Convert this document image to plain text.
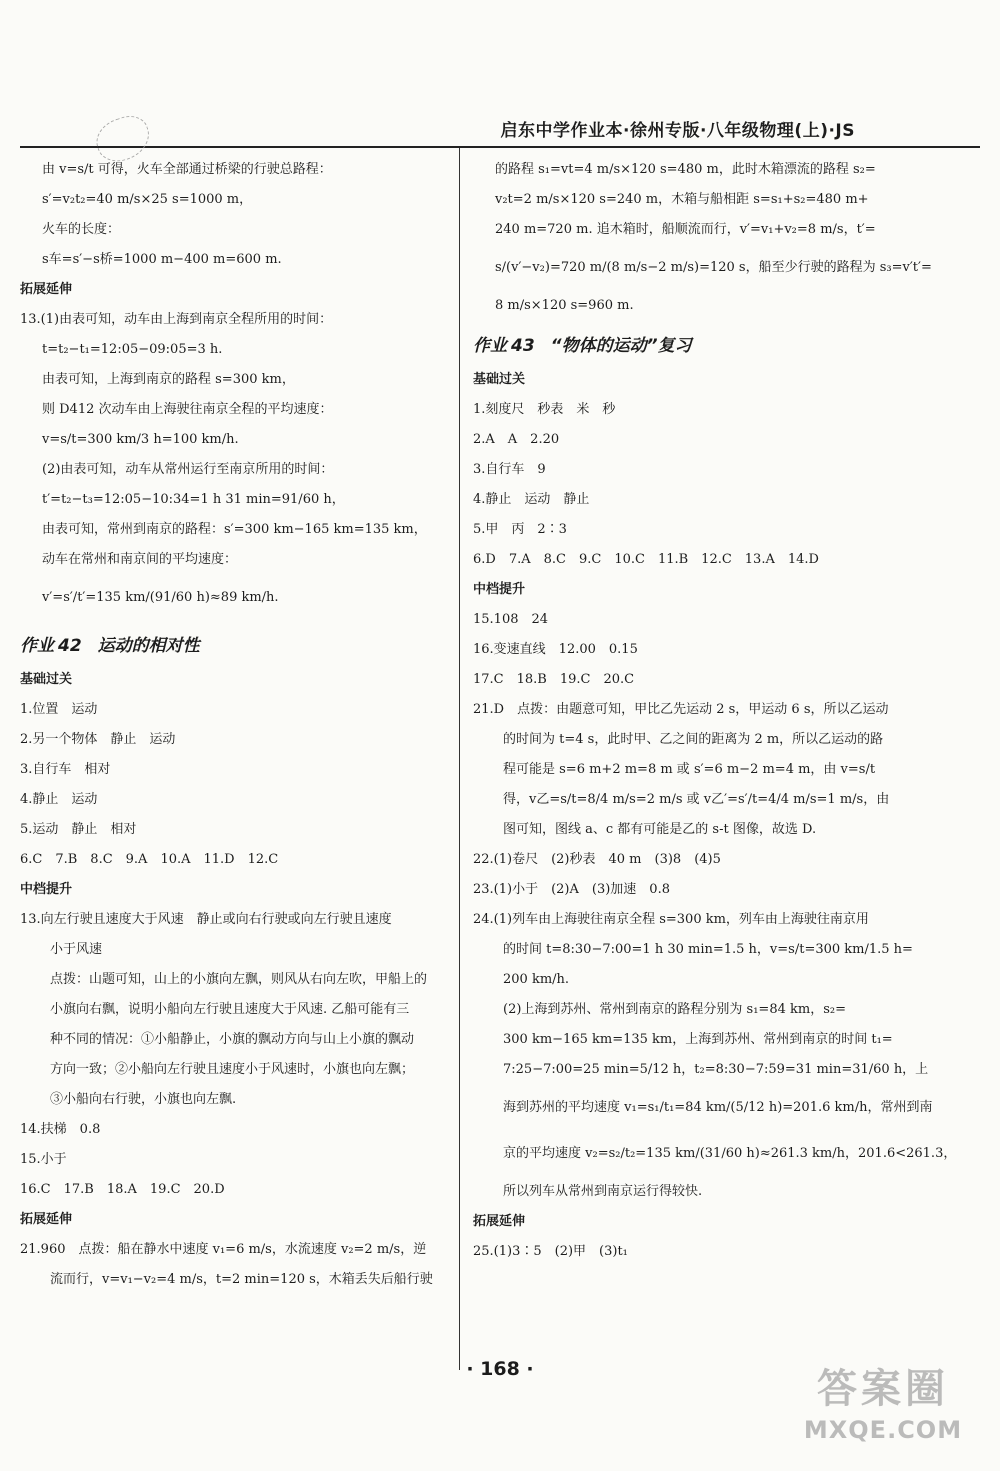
启东中学作业本·徐州专版·八年级物理(上)·JS
由 v=s/t 可得，火车全部通过桥梁的行驶总路程：
s′=v₂t₂=40 m/s×25 s=1000 m，
火车的长度：
s车=s′−s桥=1000 m−400 m=600 m.
拓展延伸
13.(1)由表可知，动车由上海到南京全程所用的时间：
t=t₂−t₁=12:05−09:05=3 h.
由表可知，上海到南京的路程 s=300 km，
则 D412 次动车由上海驶往南京全程的平均速度：
v=s/t=300 km/3 h=100 km/h.
(2)由表可知，动车从常州运行至南京所用的时间：
t′=t₂−t₃=12:05−10:34=1 h 31 min=91/60 h，
由表可知，常州到南京的路程：s′=300 km−165 km=135 km，
动车在常州和南京间的平均速度：
v′=s′/t′=135 km/(91/60 h)≈89 km/h.
作业 42 运动的相对性
基础过关
1.位置　运动
2.另一个物体　静止　运动
3.自行车　相对
4.静止　运动
5.运动　静止　相对
6.C　7.B　8.C　9.A　10.A　11.D　12.C
中档提升
13.向左行驶且速度大于风速　静止或向右行驶或向左行驶且速度
小于风速
点拨：山题可知，山上的小旗向左飘，则风从右向左吹，甲船上的
小旗向右飘，说明小船向左行驶且速度大于风速. 乙船可能有三
种不同的情况：①小船静止，小旗的飘动方向与山上小旗的飘动
方向一致；②小船向左行驶且速度小于风速时，小旗也向左飘；
③小船向右行驶，小旗也向左飘.
14.扶梯　0.8
15.小于
16.C　17.B　18.A　19.C　20.D
拓展延伸
21.960　点拨：船在静水中速度 v₁=6 m/s，水流速度 v₂=2 m/s，逆
流而行，v=v₁−v₂=4 m/s，t=2 min=120 s，木箱丢失后船行驶
的路程 s₁=vt=4 m/s×120 s=480 m，此时木箱漂流的路程 s₂=
v₂t=2 m/s×120 s=240 m，木箱与船相距 s=s₁+s₂=480 m+
240 m=720 m. 追木箱时，船顺流而行，v′=v₁+v₂=8 m/s，t′=
s/(v′−v₂)=720 m/(8 m/s−2 m/s)=120 s，船至少行驶的路程为 s₃=v′t′=
8 m/s×120 s=960 m.
作业 43 “物体的运动”复习
基础过关
1.刻度尺　秒表　米　秒
2.A　A　2.20
3.自行车　9
4.静止　运动　静止
5.甲　丙　2∶3
6.D　7.A　8.C　9.C　10.C　11.B　12.C　13.A　14.D
中档提升
15.108　24
16.变速直线　12.00　0.15
17.C　18.B　19.C　20.C
21.D　点拨：由题意可知，甲比乙先运动 2 s，甲运动 6 s，所以乙运动
的时间为 t=4 s，此时甲、乙之间的距离为 2 m，所以乙运动的路
程可能是 s=6 m+2 m=8 m 或 s′=6 m−2 m=4 m，由 v=s/t
得，v乙=s/t=8/4 m/s=2 m/s 或 v乙′=s′/t=4/4 m/s=1 m/s，由
图可知，图线 a、c 都有可能是乙的 s-t 图像，故选 D.
22.(1)卷尺　(2)秒表　40 m　(3)8　(4)5
23.(1)小于　(2)A　(3)加速　0.8
24.(1)列车由上海驶往南京全程 s=300 km，列车由上海驶往南京用
的时间 t=8:30−7:00=1 h 30 min=1.5 h，v=s/t=300 km/1.5 h=
200 km/h.
(2)上海到苏州、常州到南京的路程分别为 s₁=84 km，s₂=
300 km−165 km=135 km，上海到苏州、常州到南京的时间 t₁=
7:25−7:00=25 min=5/12 h，t₂=8:30−7:59=31 min=31/60 h，上
海到苏州的平均速度 v₁=s₁/t₁=84 km/(5/12 h)=201.6 km/h，常州到南
京的平均速度 v₂=s₂/t₂=135 km/(31/60 h)≈261.3 km/h，201.6<261.3，
所以列车从常州到南京运行得较快.
拓展延伸
25.(1)3∶5　(2)甲　(3)t₁
· 168 ·	答案圈
MXQE.COM
